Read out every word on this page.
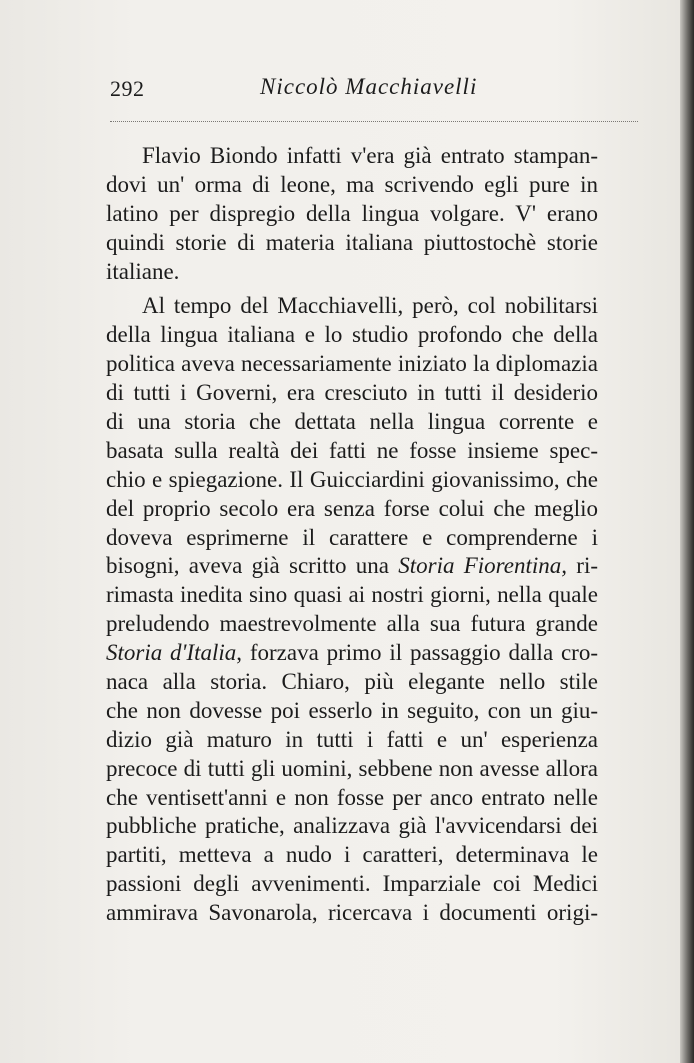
292	Niccolò Macchiavelli
Flavio Biondo infatti v'era già entrato stampan-
dovi un' orma di leone, ma scrivendo egli pure in
latino per dispregio della lingua volgare. V' erano
quindi storie di materia italiana piuttostochè storie
italiane.
Al tempo del Macchiavelli, però, col nobilitarsi
della lingua italiana e lo studio profondo che della
politica aveva necessariamente iniziato la diplomazia
di tutti i Governi, era cresciuto in tutti il desiderio
di una storia che dettata nella lingua corrente e
basata sulla realtà dei fatti ne fosse insieme spec-
chio e spiegazione. Il Guicciardini giovanissimo, che
del proprio secolo era senza forse colui che meglio
doveva esprimerne il carattere e comprenderne i
bisogni, aveva già scritto una Storia Fiorentina, ri-
rimasta inedita sino quasi ai nostri giorni, nella quale
preludendo maestrevolmente alla sua futura grande
Storia d'Italia, forzava primo il passaggio dalla cro-
naca alla storia. Chiaro, più elegante nello stile
che non dovesse poi esserlo in seguito, con un giu-
dizio già maturo in tutti i fatti e un' esperienza
precoce di tutti gli uomini, sebbene non avesse allora
che ventisett'anni e non fosse per anco entrato nelle
pubbliche pratiche, analizzava già l'avvicendarsi dei
partiti, metteva a nudo i caratteri, determinava le
passioni degli avvenimenti. Imparziale coi Medici
ammirava Savonarola, ricercava i documenti origi-
